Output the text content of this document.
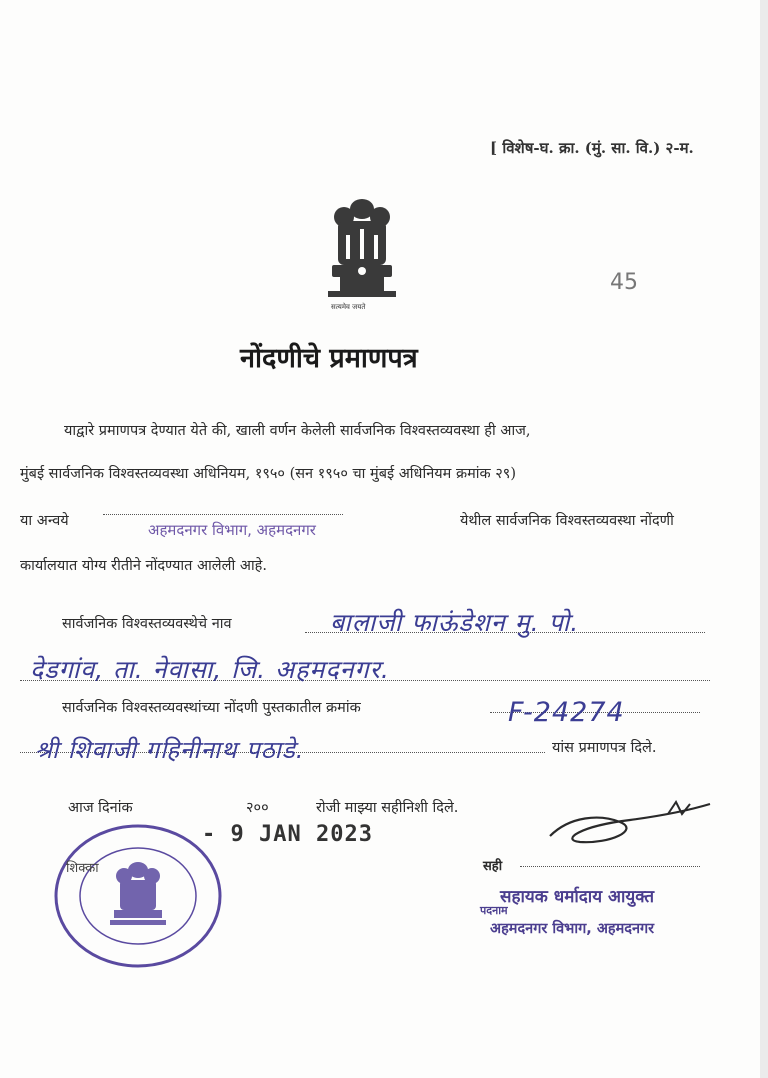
[ विशेष-घ. क्रा. (मुं. सा. वि.) २-म.
सत्यमेव जयते
45
नोंदणीचे प्रमाणपत्र
याद्वारे प्रमाणपत्र देण्यात येते की, खाली वर्णन केलेली सार्वजनिक विश्वस्तव्यवस्था ही आज,
मुंबई सार्वजनिक विश्वस्तव्यवस्था अधिनियम, १९५० (सन १९५० चा मुंबई अधिनियम क्रमांक २९)
या अन्वये	अहमदनगर विभाग, अहमदनगर	येथील सार्वजनिक विश्वस्तव्यवस्था नोंदणी
कार्यालयात योग्य रीतीने नोंदण्यात आलेली आहे.
सार्वजनिक विश्वस्तव्यवस्थेचे नाव	बालाजी फाऊंडेशन मु. पो.
देडगांव, ता. नेवासा, जि. अहमदनगर.
सार्वजनिक विश्वस्तव्यवस्थांच्या नोंदणी पुस्तकातील क्रमांक	F-24274
श्री शिवाजी गहिनीनाथ पठाडे.	यांस प्रमाणपत्र दिले.
आज दिनांक	२००	रोजी माझ्या सहीनिशी दिले.
- 9 JAN 2023
शिक्का	सही
सहायक धर्मादाय आयुक्त
पदनाम
अहमदनगर विभाग, अहमदनगर
